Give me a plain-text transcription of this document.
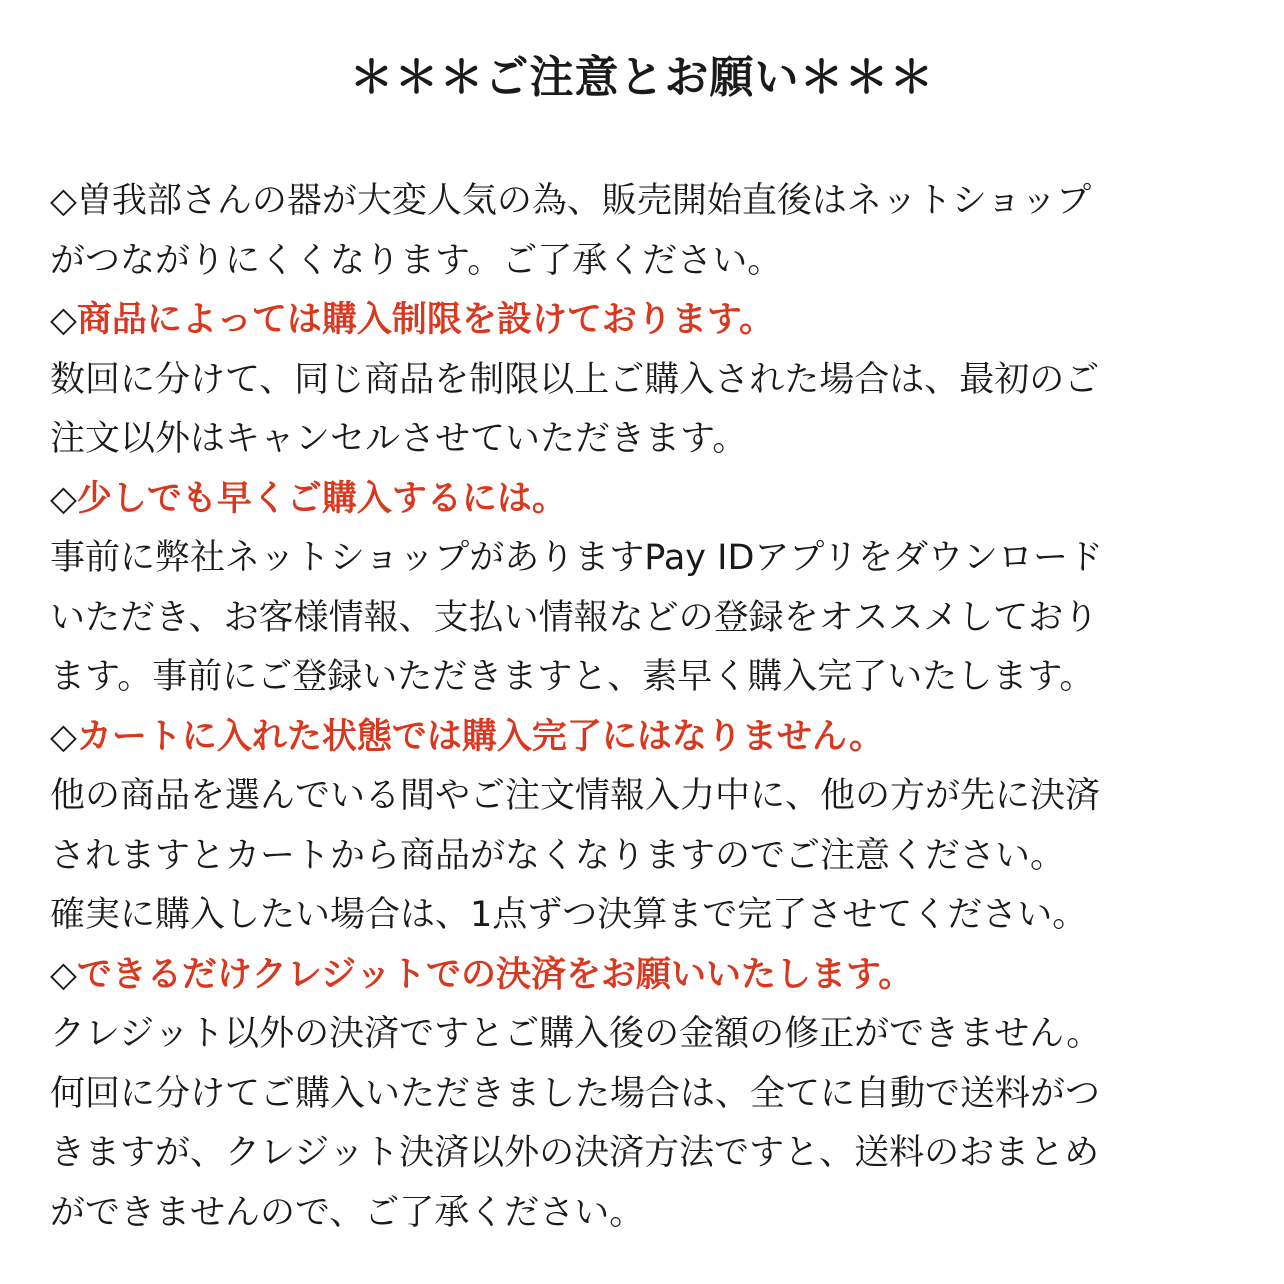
＊＊＊ご注意とお願い＊＊＊
◇曽我部さんの器が大変人気の為、販売開始直後はネットショップ
がつながりにくくなります。ご了承ください。
◇商品によっては購入制限を設けております。
数回に分けて、同じ商品を制限以上ご購入された場合は、最初のご
注文以外はキャンセルさせていただきます。
◇少しでも早くご購入するには。
事前に弊社ネットショップがありますPay IDアプリをダウンロード
いただき、お客様情報、支払い情報などの登録をオススメしており
ます。事前にご登録いただきますと、素早く購入完了いたします。
◇カートに入れた状態では購入完了にはなりません。
他の商品を選んでいる間やご注文情報入力中に、他の方が先に決済
されますとカートから商品がなくなりますのでご注意ください。
確実に購入したい場合は、1点ずつ決算まで完了させてください。
◇できるだけクレジットでの決済をお願いいたします。
クレジット以外の決済ですとご購入後の金額の修正ができません。
何回に分けてご購入いただきました場合は、全てに自動で送料がつ
きますが、クレジット決済以外の決済方法ですと、送料のおまとめ
ができませんので、ご了承ください。
